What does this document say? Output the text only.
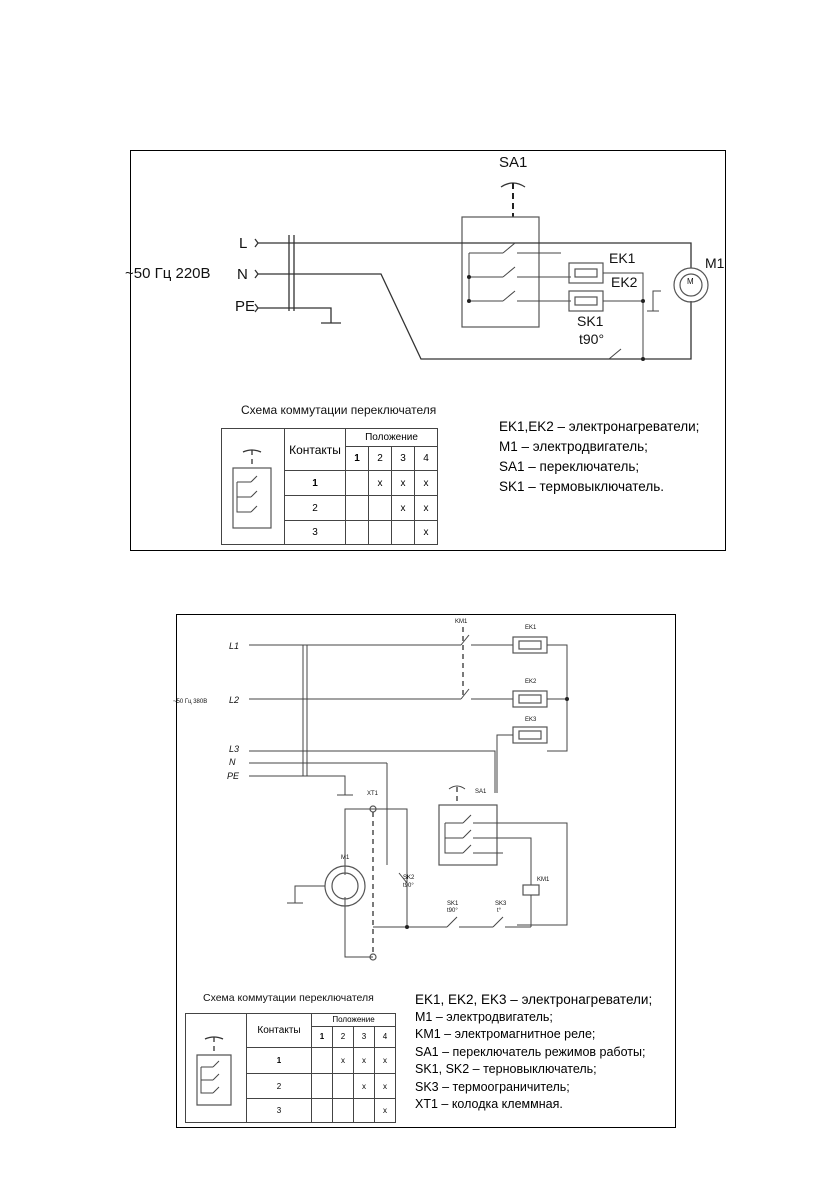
SA1
L
N
PE
~50 Гц 220В
EK1
EK2	M
M1
SK1
t90°
Схема коммутации переключателя
	Контакты	Положение			
		1	2	3	4
	1		x	x	x
	2			x	x
	3				x
EK1,EK2 – электронагреватели;
M1 – электродвигатель;
SA1 – переключатель;
SK1 – термовыключатель.
L1
L2
L3
N
PE
~50 Гц 380В
KM1
EK1
EK2
EK3
XT1	SA1
M1
SK2
t90°
SK1
t90°
SK3
t°
KM1
Схема коммутации переключателя
	Контакты	Положение			
		1	2	3	4
	1		x	x	x
	2			x	x
	3				x
EK1, EK2, EK3 – электронагреватели;
M1 – электродвигатель;
KM1 – электромагнитное реле;
SA1 – переключатель режимов работы;
SK1, SK2 – терновыключатель;
SK3 – термоограничитель;
XT1 – колодка клеммная.
